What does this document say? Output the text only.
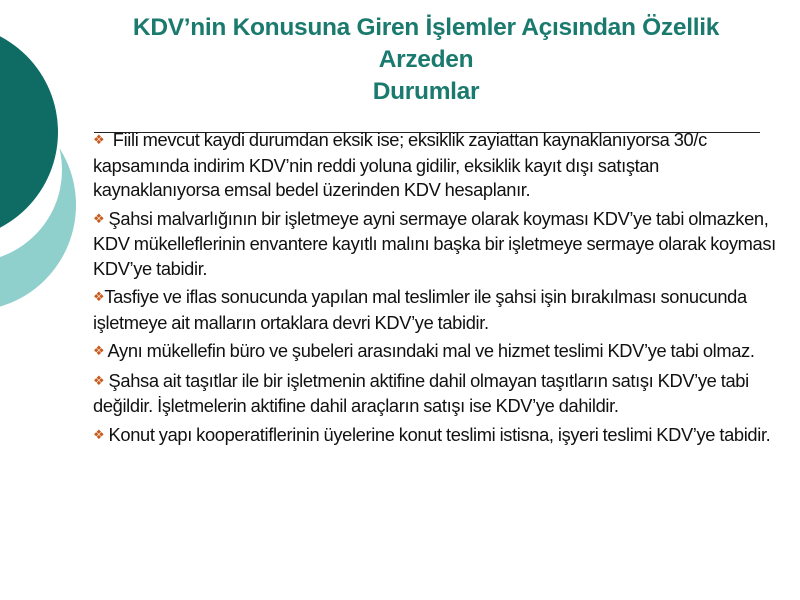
KDV’nin Konusuna Giren İşlemler Açısından Özellik Arzeden
Durumlar
❖ Fiili mevcut kaydi durumdan eksik ise; eksiklik zayiattan kaynaklanıyorsa 30/c kapsamında indirim KDV’nin reddi yoluna gidilir, eksiklik kayıt dışı satıştan kaynaklanıyorsa emsal bedel üzerinden KDV hesaplanır.
❖ Şahsi malvarlığının bir işletmeye ayni sermaye olarak koyması KDV’ye tabi olmazken, KDV mükelleflerinin envantere kayıtlı malını başka bir işletmeye sermaye olarak koyması KDV’ye tabidir.
❖Tasfiye ve iflas sonucunda yapılan mal teslimler ile şahsi işin bırakılması sonucunda işletmeye ait malların ortaklara devri KDV’ye tabidir.
❖ Aynı mükellefin büro ve şubeleri arasındaki mal ve hizmet teslimi KDV’ye tabi olmaz.
❖ Şahsa ait taşıtlar ile bir işletmenin aktifine dahil olmayan taşıtların satışı KDV’ye tabi değildir. İşletmelerin aktifine dahil araçların satışı ise KDV’ye dahildir.
❖ Konut yapı kooperatiflerinin üyelerine konut teslimi istisna, işyeri teslimi KDV’ye tabidir.
